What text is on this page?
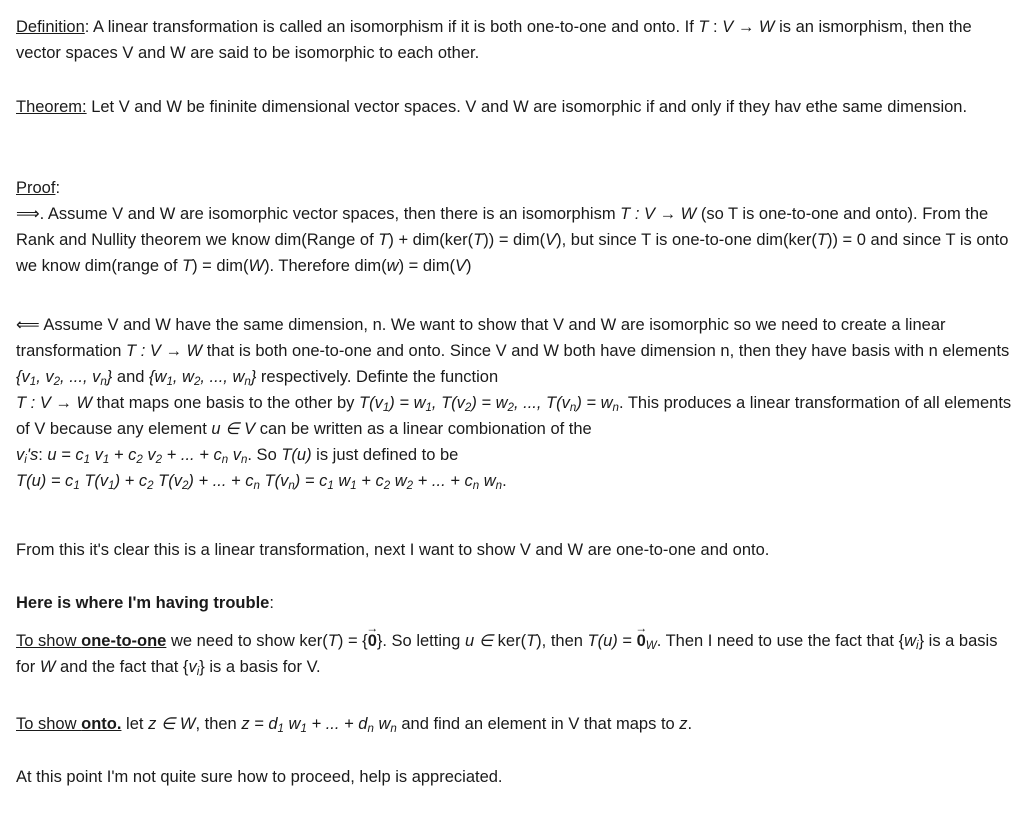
Definition: A linear transformation is called an isomorphism if it is both one-to-one and onto. If T : V → W is an ismorphism, then the vector spaces V and W are said to be isomorphic to each other.

Theorem: Let V and W be fininite dimensional vector spaces. V and W are isomorphic if and only if they hav ethe same dimension.

Proof:
⟹. Assume V and W are isomorphic vector spaces, then there is an isomorphism T : V → W (so T is one-to-one and onto). From the Rank and Nullity theorem we know dim(Range of T) + dim(ker(T)) = dim(V), but since T is one-to-one dim(ker(T)) = 0 and since T is onto we know dim(range of T) = dim(W). Therefore dim(w) = dim(V)

⟸ Assume V and W have the same dimension, n. We want to show that V and W are isomorphic so we need to create a linear transformation T : V → W that is both one-to-one and onto. Since V and W both have dimension n, then they have basis with n elements {$v_1$, $v_2$, ..., $v_n$} and {$w_1$, $w_2$, ..., $w_n$} respectively. Definte the function
T : V → W that maps one basis to the other by $T(v_1) = w_1$, $T(v_2) = w_2$, ..., $T(v_n) = w_n$. This produces a linear transformation of all elements of V because any element u ∈ V can be written as a linear combionation of the
$v_i's$: $u = c_1$ $v_1 + c_2$ $v_2$ + ... + $c_n$ $v_n$. So T(u) is just defined to be
$T(u) = c_1$ $T(v_1) + c_2$ $T(v_2)$ + ... + $c_n$ $T(v_n) = c_1$ $w_1 + c_2$ $w_2$ + ... + $c_n$ $w_n$.

From this it's clear this is a linear transformation, next I want to show V and W are one-to-one and onto.

Here is where I'm having trouble:

To show one-to-one we need to show ker(T) = {→ 0}. So letting u ∈ ker(T), then T(u) = → $0_W$. Then I need to use the fact that $\{w_i\}$ is a basis for W and the fact that $\{v_i\}$ is a basis for V.

To show onto. let z ∈ W, then $z = d_1$ $w_1$ + ... + $d_n$ $w_n$ and find an element in V that maps to z.

At this point I'm not quite sure how to proceed, help is appreciated.
